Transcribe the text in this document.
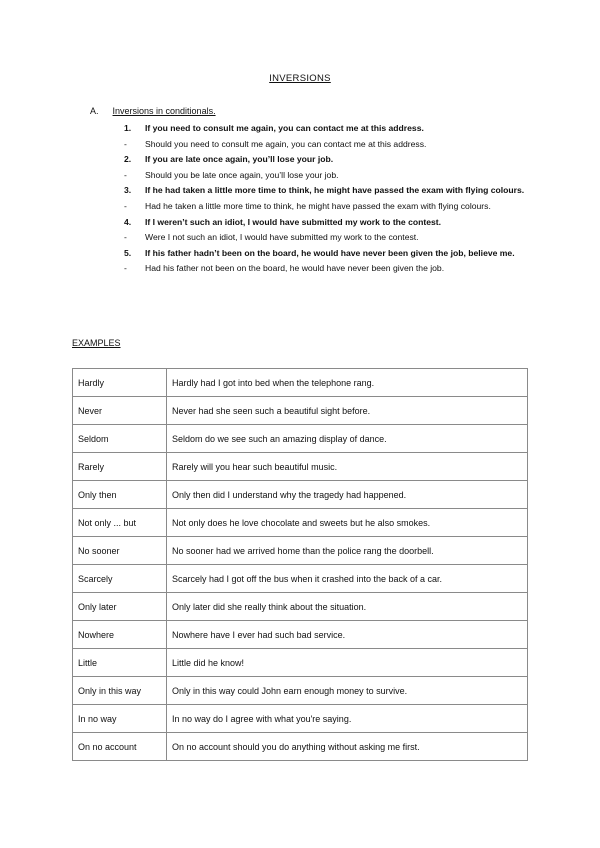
INVERSIONS
A. Inversions in conditionals.
1. If you need to consult me again, you can contact me at this address.
- Should you need to consult me again, you can contact me at this address.
2. If you are late once again, you’ll lose your job.
- Should you be late once again, you’ll lose your job.
3. If he had taken a little more time to think, he might have passed the exam with flying colours.
- Had he taken a little more time to think, he might have passed the exam with flying colours.
4. If I weren’t such an idiot, I would have submitted my work to the contest.
- Were I not such an idiot, I would have submitted my work to the contest.
5. If his father hadn’t been on the board, he would have never been given the job, believe me.
- Had his father not been on the board, he would have never been given the job.
EXAMPLES
Hardly	Hardly had I got into bed when the telephone rang.
Never	Never had she seen such a beautiful sight before.
Seldom	Seldom do we see such an amazing display of dance.
Rarely	Rarely will you hear such beautiful music.
Only then	Only then did I understand why the tragedy had happened.
Not only ... but	Not only does he love chocolate and sweets but he also smokes.
No sooner	No sooner had we arrived home than the police rang the doorbell.
Scarcely	Scarcely had I got off the bus when it crashed into the back of a car.
Only later	Only later did she really think about the situation.
Nowhere	Nowhere have I ever had such bad service.
Little	Little did he know!
Only in this way	Only in this way could John earn enough money to survive.
In no way	In no way do I agree with what you're saying.
On no account	On no account should you do anything without asking me first.
